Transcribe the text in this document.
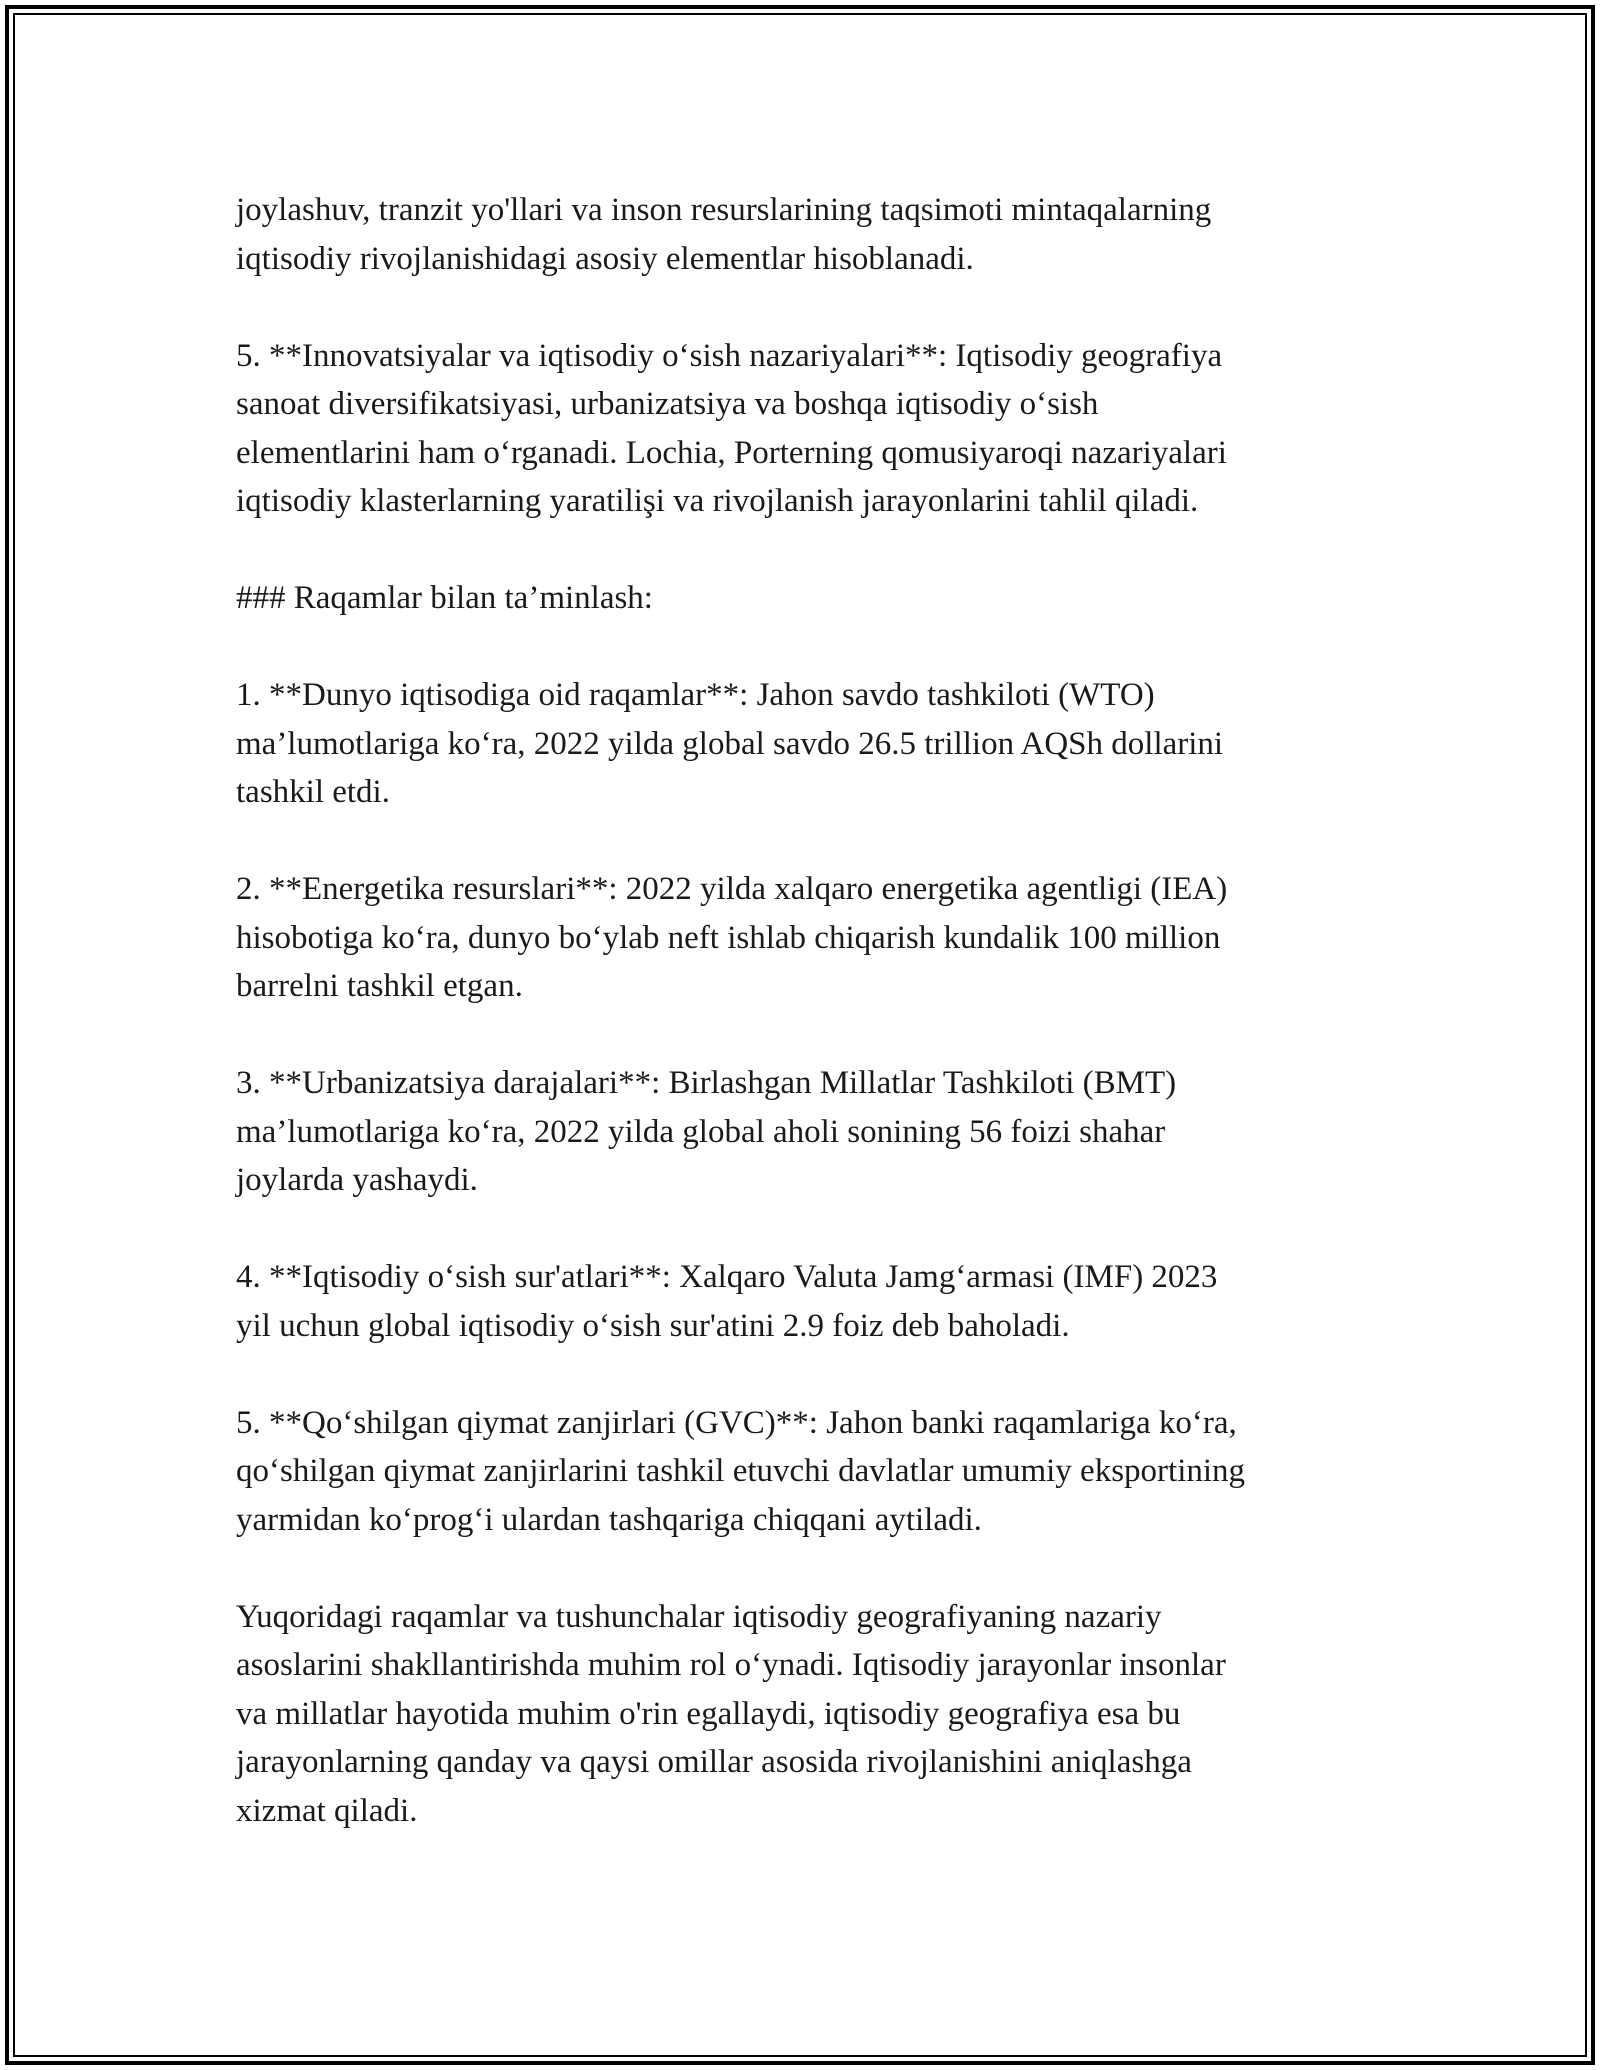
joylashuv, tranzit yo'llari va inson resurslarining taqsimoti mintaqalarning
iqtisodiy rivojlanishidagi asosiy elementlar hisoblanadi.

5. **Innovatsiyalar va iqtisodiy o‘sish nazariyalari**: Iqtisodiy geografiya
sanoat diversifikatsiyasi, urbanizatsiya va boshqa iqtisodiy o‘sish
elementlarini ham o‘rganadi. Lochia, Porterning qomusiyaroqi nazariyalari
iqtisodiy klasterlarning yaratilişi va rivojlanish jarayonlarini tahlil qiladi.

### Raqamlar bilan ta’minlash:

1. **Dunyo iqtisodiga oid raqamlar**: Jahon savdo tashkiloti (WTO)
ma’lumotlariga ko‘ra, 2022 yilda global savdo 26.5 trillion AQSh dollarini
tashkil etdi.

2. **Energetika resurslari**: 2022 yilda xalqaro energetika agentligi (IEA)
hisobotiga ko‘ra, dunyo bo‘ylab neft ishlab chiqarish kundalik 100 million
barrelni tashkil etgan.

3. **Urbanizatsiya darajalari**: Birlashgan Millatlar Tashkiloti (BMT)
ma’lumotlariga ko‘ra, 2022 yilda global aholi sonining 56 foizi shahar
joylarda yashaydi.

4. **Iqtisodiy o‘sish sur'atlari**: Xalqaro Valuta Jamg‘armasi (IMF) 2023
yil uchun global iqtisodiy o‘sish sur'atini 2.9 foiz deb baholadi.

5. **Qo‘shilgan qiymat zanjirlari (GVC)**: Jahon banki raqamlariga ko‘ra,
qo‘shilgan qiymat zanjirlarini tashkil etuvchi davlatlar umumiy eksportining
yarmidan ko‘prog‘i ulardan tashqariga chiqqani aytiladi.

Yuqoridagi raqamlar va tushunchalar iqtisodiy geografiyaning nazariy
asoslarini shakllantirishda muhim rol o‘ynadi. Iqtisodiy jarayonlar insonlar
va millatlar hayotida muhim o'rin egallaydi, iqtisodiy geografiya esa bu
jarayonlarning qanday va qaysi omillar asosida rivojlanishini aniqlashga
xizmat qiladi.
